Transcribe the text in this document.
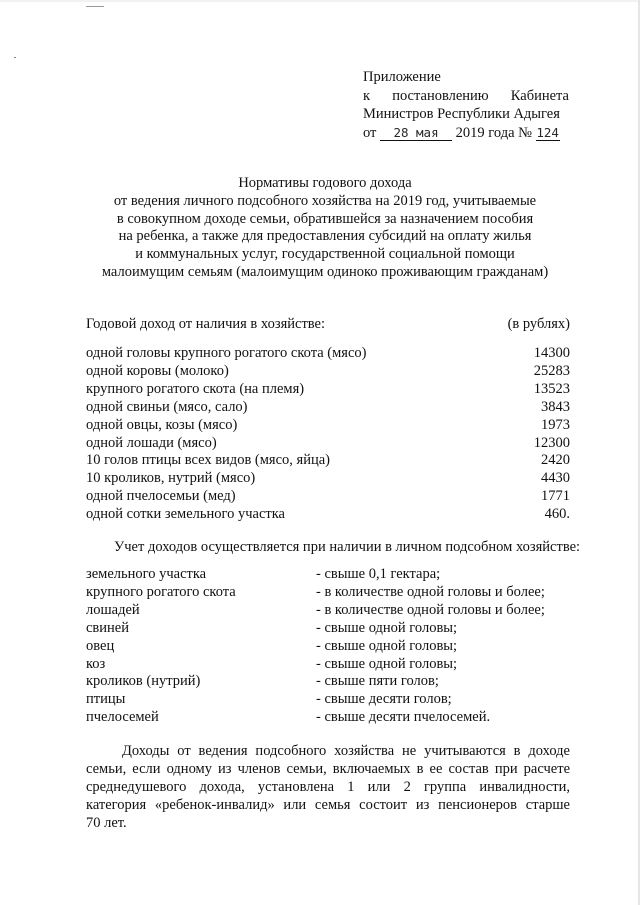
Приложение
к постановлению Кабинета
Министров Республики Адыгея
от 28 мая 2019 года № 124
Нормативы годового дохода
от ведения личного подсобного хозяйства на 2019 год, учитываемые
в совокупном доходе семьи, обратившейся за назначением пособия
на ребенка, а также для предоставления субсидий на оплату жилья
и коммунальных услуг, государственной социальной помощи
малоимущим семьям (малоимущим одиноко проживающим гражданам)
Годовой доход от наличия в хозяйстве:	(в рублях)
одной головы крупного рогатого скота (мясо)	14300
одной коровы (молоко)	25283
крупного рогатого скота (на племя)	13523
одной свиньи (мясо, сало)	3843
одной овцы, козы (мясо)	1973
одной лошади (мясо)	12300
10 голов птицы всех видов (мясо, яйца)	2420
10 кроликов, нутрий (мясо)	4430
одной пчелосемьи (мед)	1771
одной сотки земельного участка	460.
Учет доходов осуществляется при наличии в личном подсобном хозяйстве:
земельного участка	- свыше 0,1 гектара;
крупного рогатого скота	- в количестве одной головы и более;
лошадей	- в количестве одной головы и более;
свиней	- свыше одной головы;
овец	- свыше одной головы;
коз	- свыше одной головы;
кроликов (нутрий)	- свыше пяти голов;
птицы	- свыше десяти голов;
пчелосемей	- свыше десяти пчелосемей.
Доходы от ведения подсобного хозяйства не учитываются в доходе
семьи, если одному из членов семьи, включаемых в ее состав при расчете
среднедушевого дохода, установлена 1 или 2 группа инвалидности,
категория «ребенок-инвалид» или семья состоит из пенсионеров старше
70 лет.
